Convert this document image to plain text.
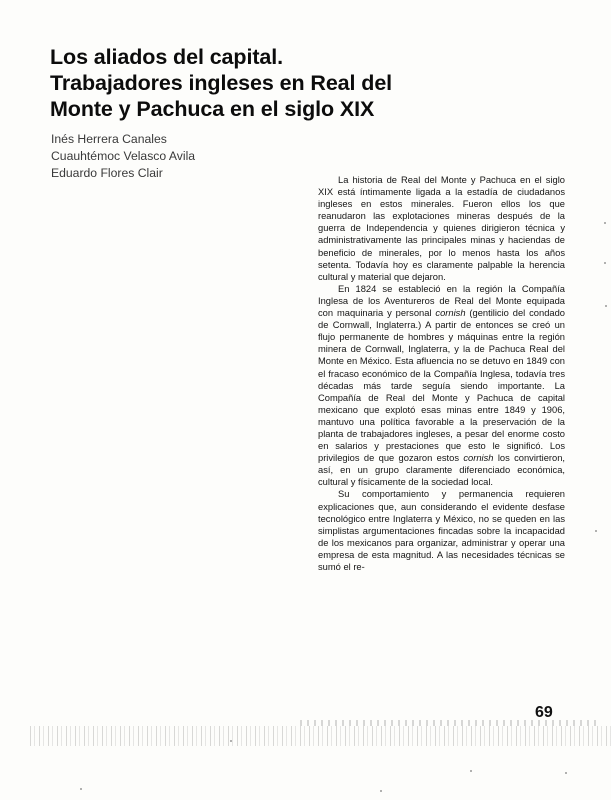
Los aliados del capital.
Trabajadores ingleses en Real del
Monte y Pachuca en el siglo XIX
Inés Herrera Canales
Cuauhtémoc Velasco Avila
Eduardo Flores Clair	La historia de Real del Monte y Pachuca en el siglo XIX está íntimamente ligada a la estadía de ciudadanos ingleses en estos minerales. Fueron ellos los que reanudaron las explotaciones mineras después de la guerra de Independencia y quienes dirigieron técnica y administrativamente las principales minas y haciendas de beneficio de minerales, por lo menos hasta los años setenta. Todavía hoy es claramente palpable la herencia cultural y material que dejaron.

En 1824 se estableció en la región la Compañía Inglesa de los Aventureros de Real del Monte equipada con maquinaria y personal cornish (gentilicio del condado de Cornwall, Inglaterra.) A partir de entonces se creó un flujo permanente de hombres y máquinas entre la región minera de Cornwall, Inglaterra, y la de Pachuca Real del Monte en México. Esta afluencia no se detuvo en 1849 con el fracaso económico de la Compañía Inglesa, todavía tres décadas más tarde seguía siendo importante. La Compañía de Real del Monte y Pachuca de capital mexicano que explotó esas minas entre 1849 y 1906, mantuvo una política favorable a la preservación de la planta de trabajadores ingleses, a pesar del enorme costo en salarios y prestaciones que esto le significó. Los privilegios de que gozaron estos cornish los convirtieron, así, en un grupo claramente diferenciado económica, cultural y físicamente de la sociedad local.

Su comportamiento y permanencia requieren explicaciones que, aun considerando el evidente desfase tecnológico entre Inglaterra y México, no se queden en las simplistas argumentaciones fincadas sobre la incapacidad de los mexicanos para organizar, administrar y operar una empresa de esta magnitud. A las necesidades técnicas se sumó el re-

69
